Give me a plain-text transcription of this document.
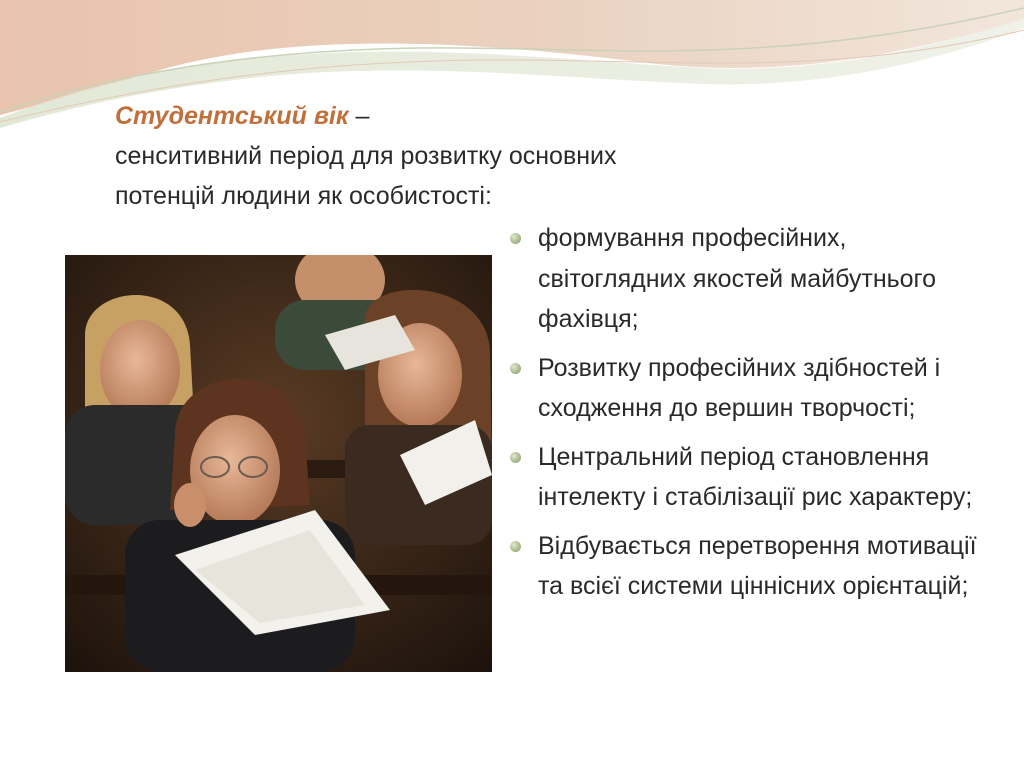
Студентський вік –
сенситивний період для розвитку основних потенцій людини як особистості:

формування професійних, світоглядних якостей майбутнього фахівця;
Розвитку професійних здібностей і сходження до вершин творчості;
Центральний період становлення інтелекту і стабілізації рис характеру;
Відбувається перетворення мотивації та всієї системи ціннісних орієнтацій;
